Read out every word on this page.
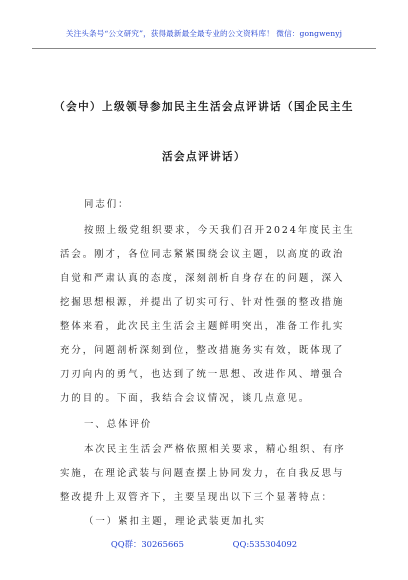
关注头条号“公文研究”，获得最新最全最专业的公文资料库！ 微信：gongwenyj
（会中）上级领导参加民主生活会点评讲话（国企民主生
活会点评讲话）
同志们：
按照上级党组织要求，今天我们召开2024年度民主生
活会。刚才，各位同志紧紧围绕会议主题，以高度的政治
自觉和严肃认真的态度，深刻剖析自身存在的问题，深入
挖掘思想根源，并提出了切实可行、针对性强的整改措施
整体来看，此次民主生活会主题鲜明突出，准备工作扎实
充分，问题剖析深刻到位，整改措施务实有效，既体现了
刀刃向内的勇气，也达到了统一思想、改进作风、增强合
力的目的。下面，我结合会议情况，谈几点意见。
一、总体评价
本次民主生活会严格依照相关要求，精心组织、有序
实施，在理论武装与问题查摆上协同发力，在自我反思与
整改提升上双管齐下，主要呈现出以下三个显著特点：
（一）紧扣主题，理论武装更加扎实
QQ群：30265665	QQ:535304092
